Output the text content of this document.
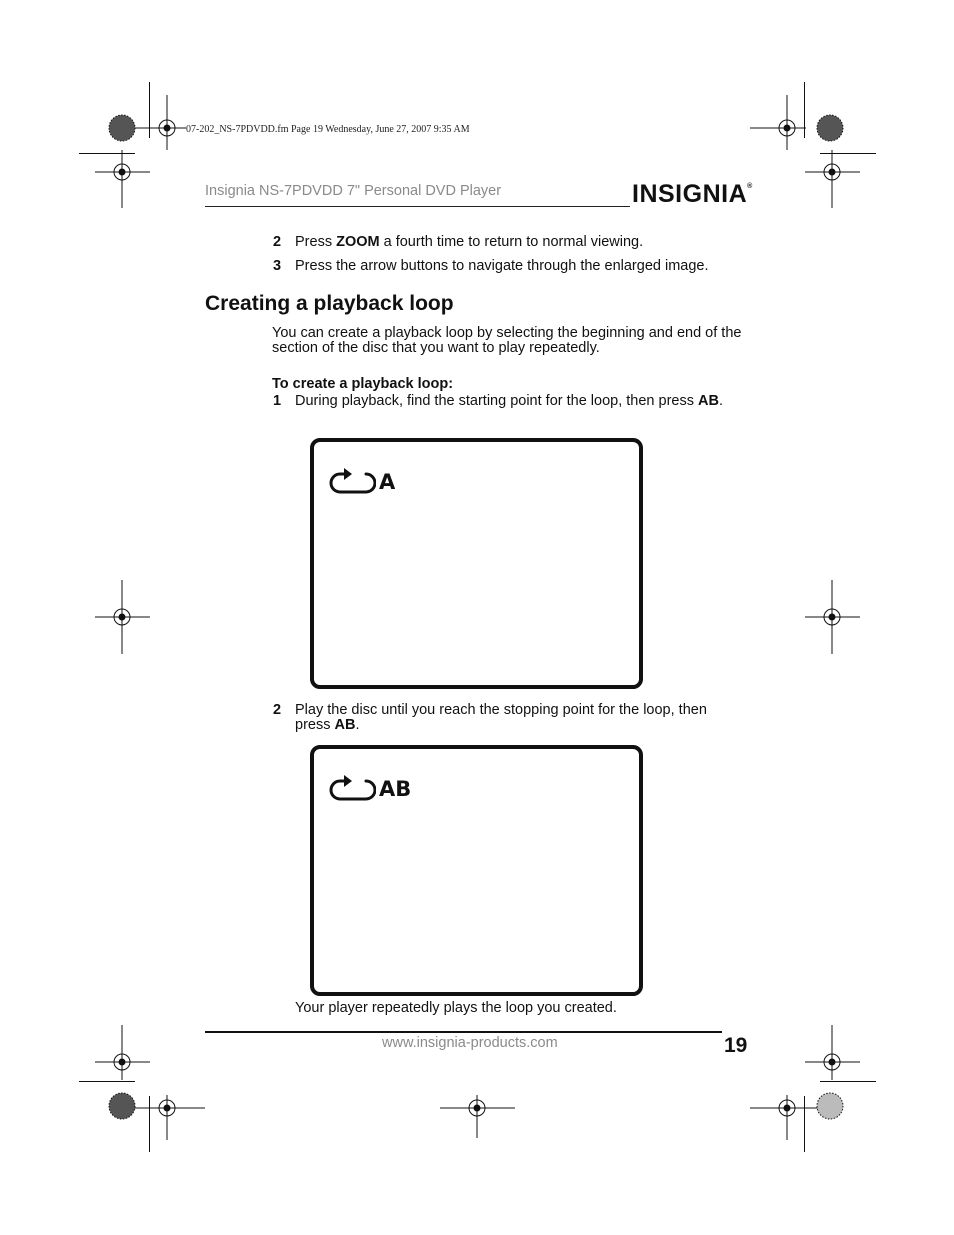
07-202_NS-7PDVDD.fm Page 19 Wednesday, June 27, 2007 9:35 AM
Insignia NS-7PDVDD 7" Personal DVD Player	INSIGNIA®
2 Press ZOOM a fourth time to return to normal viewing.
3 Press the arrow buttons to navigate through the enlarged image.
Creating a playback loop
You can create a playback loop by selecting the beginning and end of the section of the disc that you want to play repeatedly.
To create a playback loop:
1 During playback, find the starting point for the loop, then press AB.
A
2 Play the disc until you reach the stopping point for the loop, then press AB.
AB
Your player repeatedly plays the loop you created.
www.insignia-products.com	19
